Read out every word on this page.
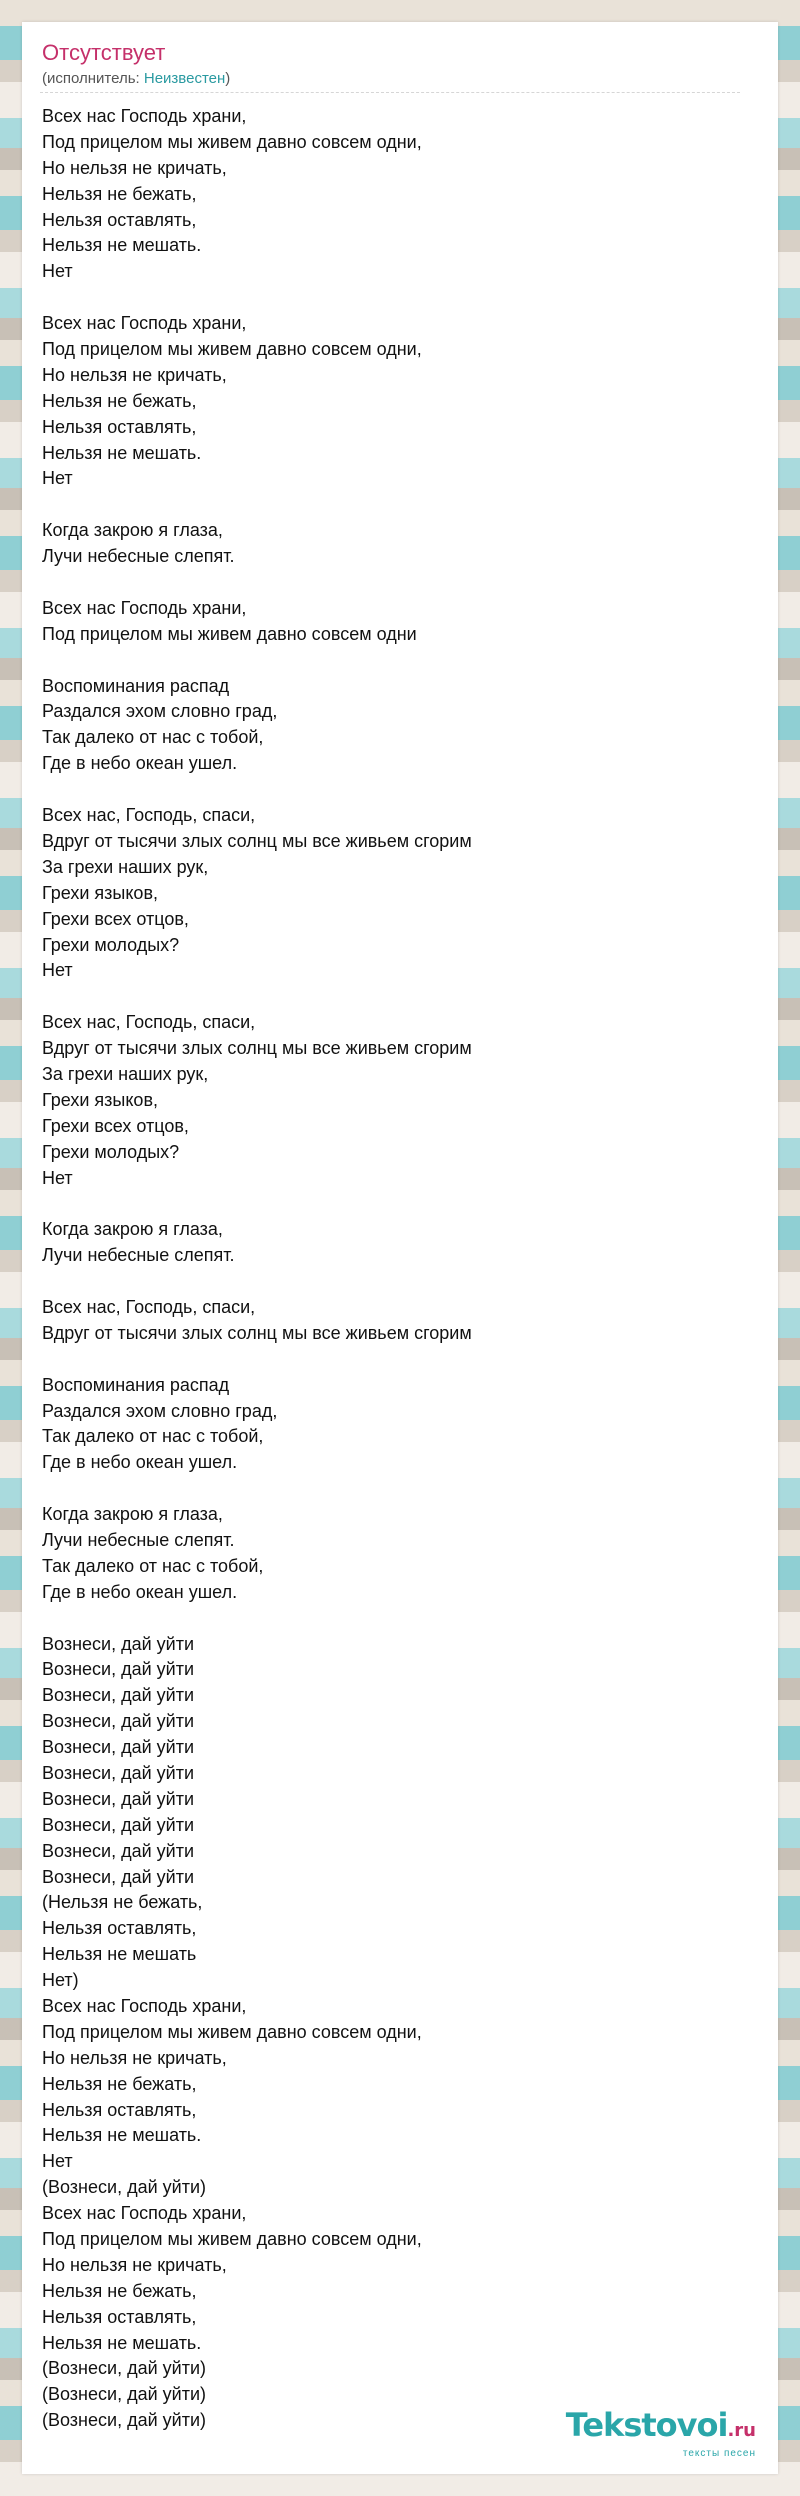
Отсутствует
(исполнитель: Неизвестен)
Всех нас Господь храни,
Под прицелом мы живем давно совсем одни,
Но нельзя не кричать,
Нельзя не бежать,
Нельзя оставлять,
Нельзя не мешать.
Нет
Всех нас Господь храни,
Под прицелом мы живем давно совсем одни,
Но нельзя не кричать,
Нельзя не бежать,
Нельзя оставлять,
Нельзя не мешать.
Нет
Когда закрою я глаза,
Лучи небесные слепят.
Всех нас Господь храни,
Под прицелом мы живем давно совсем одни
Воспоминания распад
Раздался эхом словно град,
Так далеко от нас с тобой,
Где в небо океан ушел.
Всех нас, Господь, спаси,
Вдруг от тысячи злых солнц мы все живьем сгорим
За грехи наших рук,
Грехи языков,
Грехи всех отцов,
Грехи молодых?
Нет
Всех нас, Господь, спаси,
Вдруг от тысячи злых солнц мы все живьем сгорим
За грехи наших рук,
Грехи языков,
Грехи всех отцов,
Грехи молодых?
Нет
Когда закрою я глаза,
Лучи небесные слепят.
Всех нас, Господь, спаси,
Вдруг от тысячи злых солнц мы все живьем сгорим
Воспоминания распад
Раздался эхом словно град,
Так далеко от нас с тобой,
Где в небо океан ушел.
Когда закрою я глаза,
Лучи небесные слепят.
Так далеко от нас с тобой,
Где в небо океан ушел.
Вознеси, дай уйти
Вознеси, дай уйти
Вознеси, дай уйти
Вознеси, дай уйти
Вознеси, дай уйти
Вознеси, дай уйти
Вознеси, дай уйти
Вознеси, дай уйти
Вознеси, дай уйти
Вознеси, дай уйти
(Нельзя не бежать,
Нельзя оставлять,
Нельзя не мешать
Нет)
Всех нас Господь храни,
Под прицелом мы живем давно совсем одни,
Но нельзя не кричать,
Нельзя не бежать,
Нельзя оставлять,
Нельзя не мешать.
Нет
(Вознеси, дай уйти)
Всех нас Господь храни,
Под прицелом мы живем давно совсем одни,
Но нельзя не кричать,
Нельзя не бежать,
Нельзя оставлять,
Нельзя не мешать.
(Вознеси, дай уйти)
(Вознеси, дай уйти)
(Вознеси, дай уйти)	Tekstovoi.ru
тексты песен
